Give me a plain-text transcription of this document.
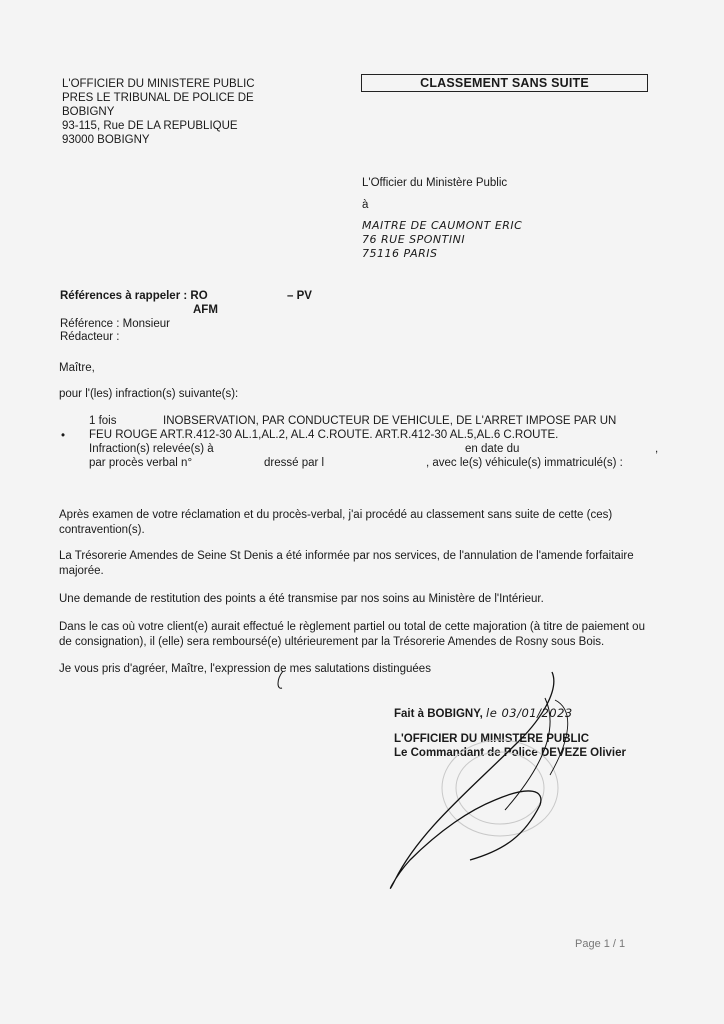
L'OFFICIER DU MINISTERE PUBLIC
PRES LE TRIBUNAL DE POLICE DE
BOBIGNY
93-115, Rue DE LA REPUBLIQUE
93000 BOBIGNY
CLASSEMENT SANS SUITE
L'Officier du Ministère Public
à
MAITRE DE CAUMONT ERIC
76 RUE SPONTINI
75116 PARIS
Références à rappeler : RO	– PV
AFM
Référence : Monsieur
Rédacteur :
Maître,
pour l'(les) infraction(s) suivante(s):
1 fois	INOBSERVATION, PAR CONDUCTEUR DE VEHICULE, DE L'ARRET IMPOSE PAR UN
• FEU ROUGE ART.R.412-30 AL.1,AL.2, AL.4 C.ROUTE. ART.R.412-30 AL.5,AL.6 C.ROUTE.
Infraction(s) relevée(s) à	en date du	,
par procès verbal n°	dressé par l	, avec le(s) véhicule(s) immatriculé(s) :
Après examen de votre réclamation et du procès-verbal, j'ai procédé au classement sans suite de cette (ces) contravention(s).
La Trésorerie Amendes de Seine St Denis a été informée par nos services, de l'annulation de l'amende forfaitaire majorée.
Une demande de restitution des points a été transmise par nos soins au Ministère de l'Intérieur.
Dans le cas où votre client(e) aurait effectué le règlement partiel ou total de cette majoration (à titre de paiement ou de consignation), il (elle) sera remboursé(e) ultérieurement par la Trésorerie Amendes de Rosny sous Bois.
Je vous pris d'agréer, Maître, l'expression de mes salutations distinguées
Fait à BOBIGNY, le 03/01/2023
L'OFFICIER DU MINISTERE PUBLIC
Le Commandant de Police DEVEZE Olivier
Page 1 / 1
